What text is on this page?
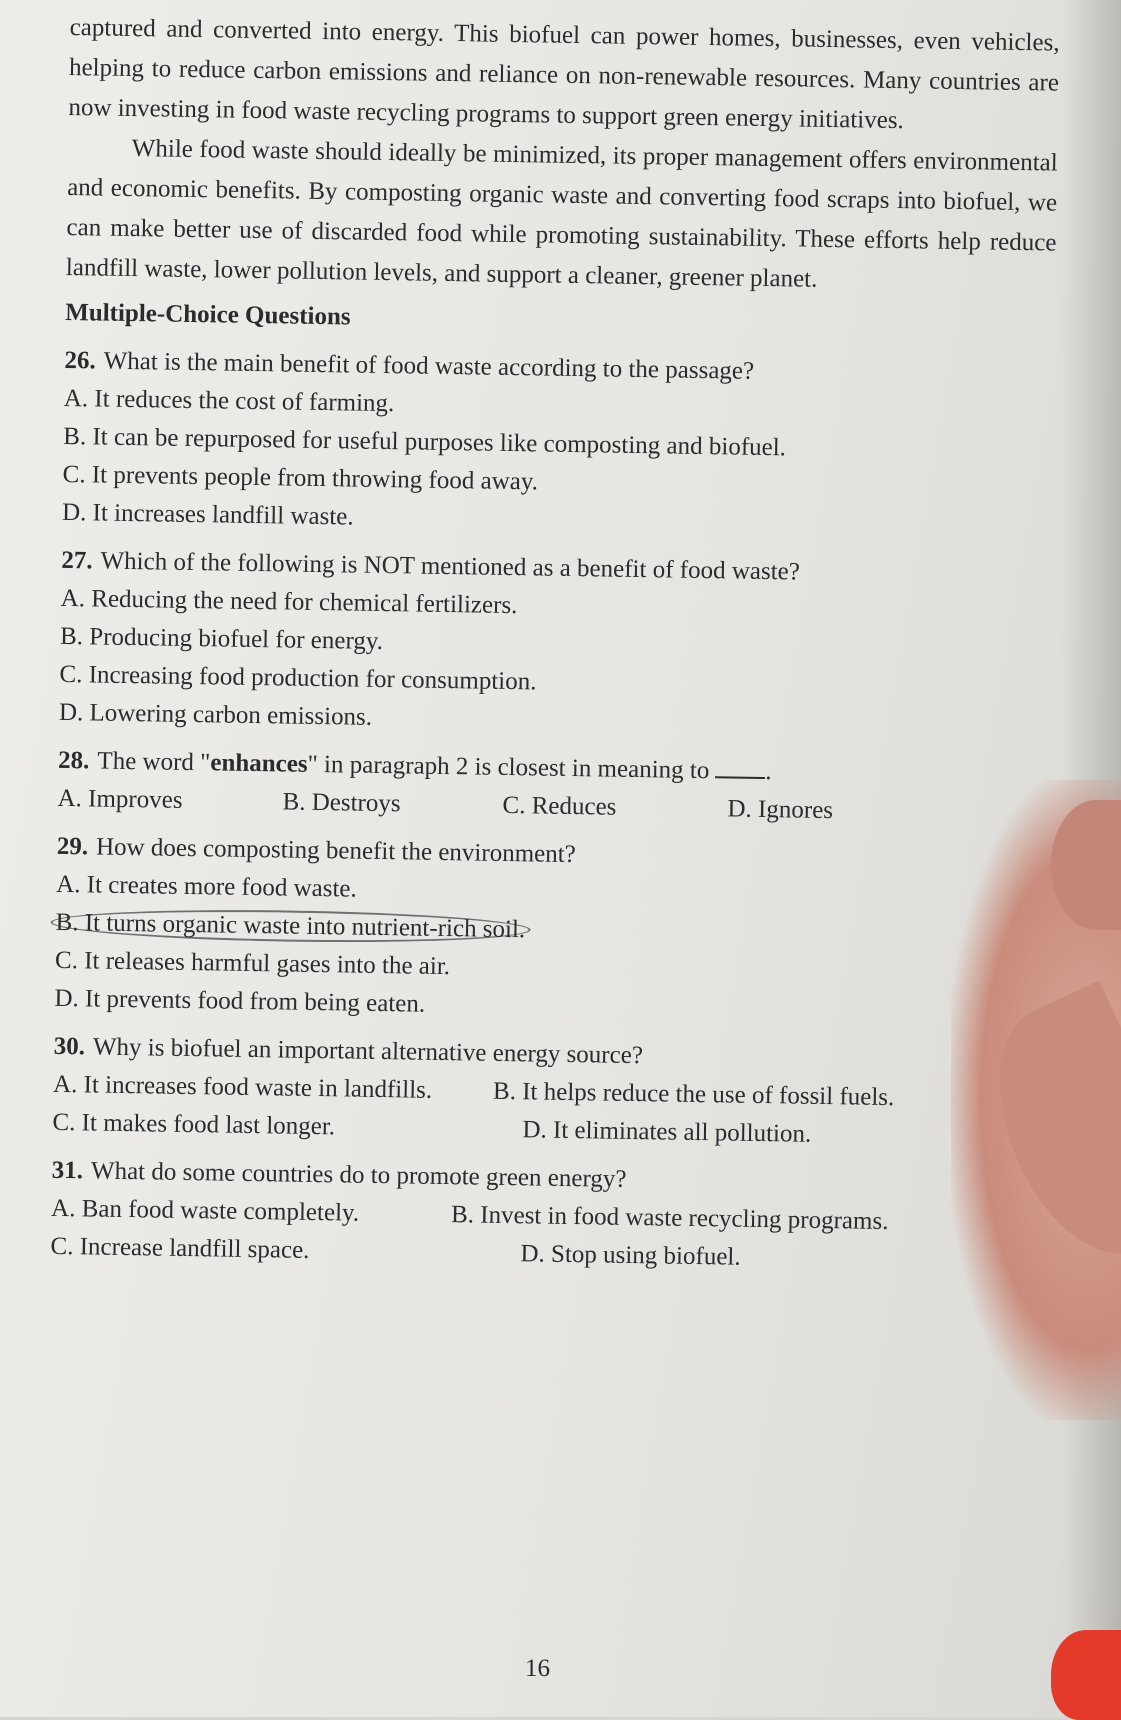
captured and converted into energy. This biofuel can power homes, businesses, even vehicles, helping to reduce carbon emissions and reliance on non-renewable resources. Many countries are now investing in food waste recycling programs to support green energy initiatives.

While food waste should ideally be minimized, its proper management offers environmental and economic benefits. By composting organic waste and converting food scraps into biofuel, we can make better use of discarded food while promoting sustainability. These efforts help reduce landfill waste, lower pollution levels, and support a cleaner, greener planet.

Multiple-Choice Questions
26. What is the main benefit of food waste according to the passage?
A. It reduces the cost of farming.
B. It can be repurposed for useful purposes like composting and biofuel.
C. It prevents people from throwing food away.
D. It increases landfill waste.
27. Which of the following is NOT mentioned as a benefit of food waste?
A. Reducing the need for chemical fertilizers.
B. Producing biofuel for energy.
C. Increasing food production for consumption.
D. Lowering carbon emissions.
28. The word "enhances" in paragraph 2 is closest in meaning to .
A. Improves	B. Destroys	C. Reduces	D. Ignores
29. How does composting benefit the environment?
A. It creates more food waste.
B. It turns organic waste into nutrient-rich soil.
C. It releases harmful gases into the air.
D. It prevents food from being eaten.
30. Why is biofuel an important alternative energy source?
A. It increases food waste in landfills.	B. It helps reduce the use of fossil fuels.
C. It makes food last longer.	D. It eliminates all pollution.
31. What do some countries do to promote green energy?
A. Ban food waste completely.	B. Invest in food waste recycling programs.
C. Increase landfill space.	D. Stop using biofuel.
16
